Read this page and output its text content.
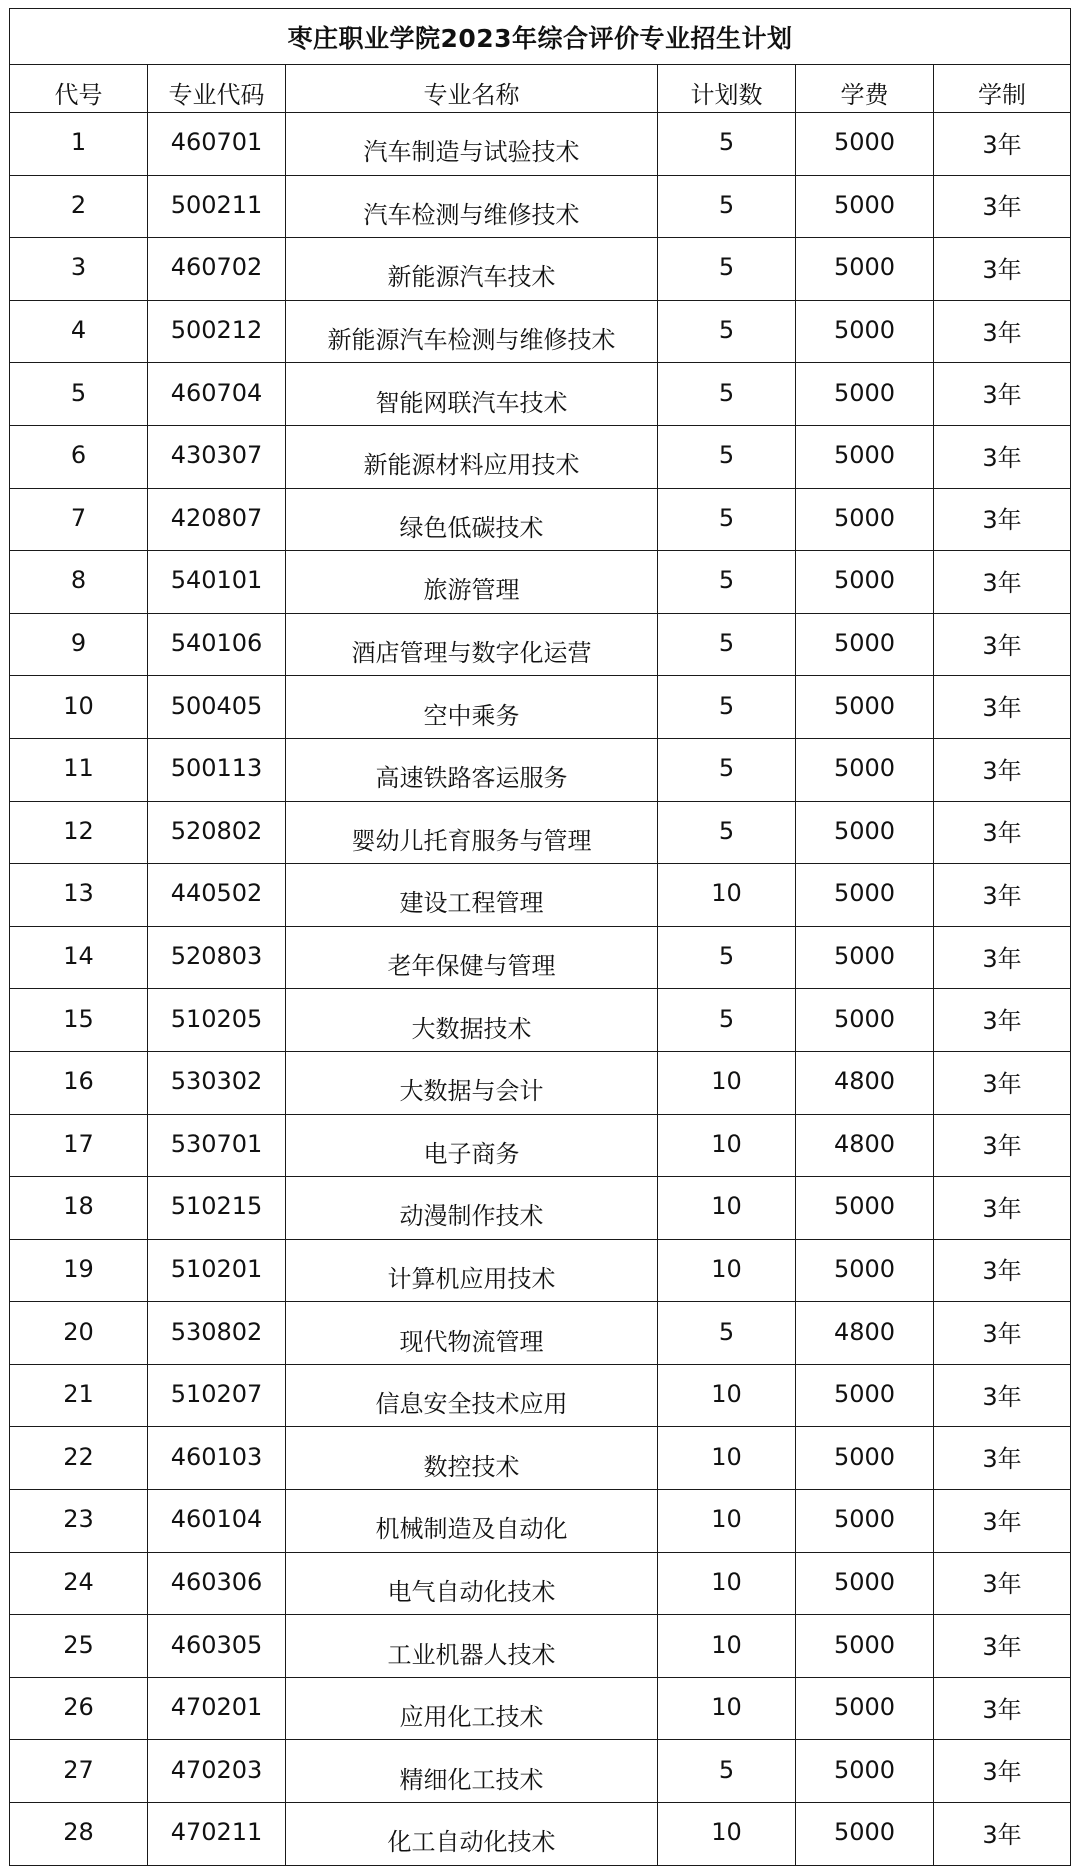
枣庄职业学院2023年综合评价专业招生计划					
代号	专业代码	专业名称	计划数	学费	学制
1	460701	汽车制造与试验技术	5	5000	3年
2	500211	汽车检测与维修技术	5	5000	3年
3	460702	新能源汽车技术	5	5000	3年
4	500212	新能源汽车检测与维修技术	5	5000	3年
5	460704	智能网联汽车技术	5	5000	3年
6	430307	新能源材料应用技术	5	5000	3年
7	420807	绿色低碳技术	5	5000	3年
8	540101	旅游管理	5	5000	3年
9	540106	酒店管理与数字化运营	5	5000	3年
10	500405	空中乘务	5	5000	3年
11	500113	高速铁路客运服务	5	5000	3年
12	520802	婴幼儿托育服务与管理	5	5000	3年
13	440502	建设工程管理	10	5000	3年
14	520803	老年保健与管理	5	5000	3年
15	510205	大数据技术	5	5000	3年
16	530302	大数据与会计	10	4800	3年
17	530701	电子商务	10	4800	3年
18	510215	动漫制作技术	10	5000	3年
19	510201	计算机应用技术	10	5000	3年
20	530802	现代物流管理	5	4800	3年
21	510207	信息安全技术应用	10	5000	3年
22	460103	数控技术	10	5000	3年
23	460104	机械制造及自动化	10	5000	3年
24	460306	电气自动化技术	10	5000	3年
25	460305	工业机器人技术	10	5000	3年
26	470201	应用化工技术	10	5000	3年
27	470203	精细化工技术	5	5000	3年
28	470211	化工自动化技术	10	5000	3年
